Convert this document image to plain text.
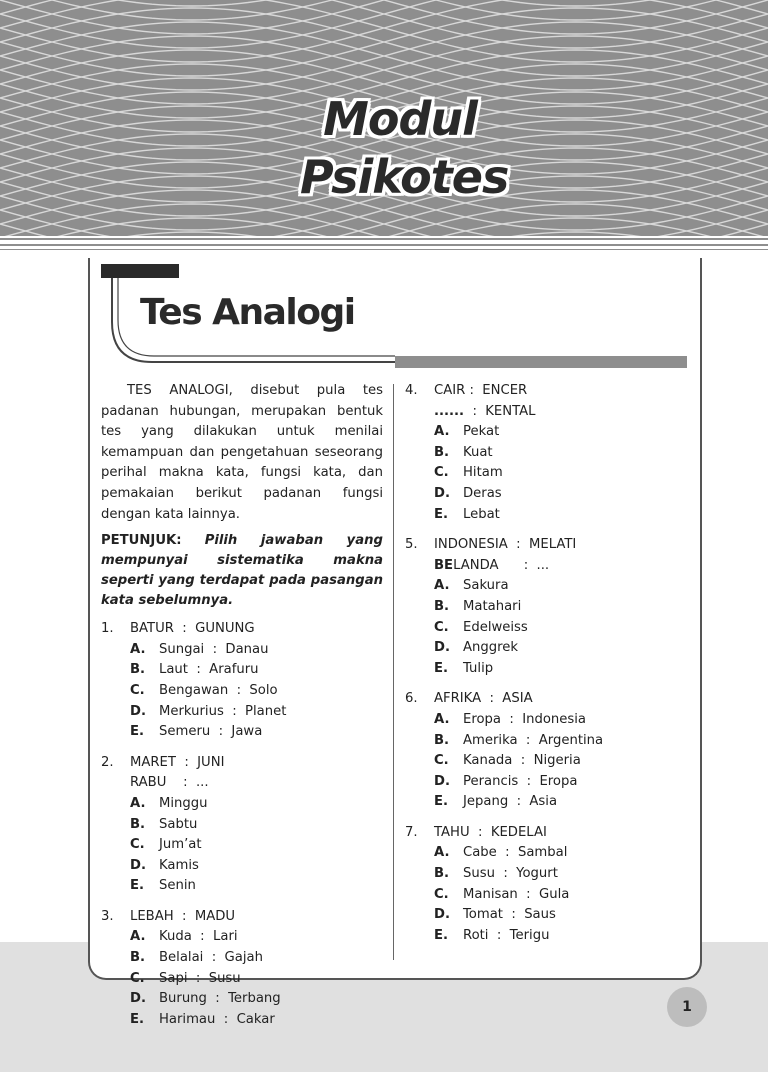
Modul
Psikotes
Tes Analogi

TES ANALOGI, disebut pula tes padanan hubungan, merupakan bentuk tes yang dilakukan untuk menilai kemampuan dan pengetahuan seseorang perihal makna kata, fungsi kata, dan pemakaian berikut padanan fungsi dengan kata lainnya.

PETUNJUK: Pilih jawaban yang mempunyai sistematika makna seperti yang terdapat pada pasangan kata sebelumnya.

1.	BATUR  :  GUNUNG
A.	Sungai  :  Danau
B.	Laut  :  Arafuru
C.	Bengawan  :  Solo
D. Merkurius  :  Planet
E.	Semeru  :  Jawa
2.	MARET  :  JUNI
RABU    :  ...
A.	Minggu
B.	Sabtu
C.	Jum’at
D. Kamis
E.	Senin
3.	LEBAH  :  MADU
A.	Kuda  :  Lari
B.	Belalai  :  Gajah
C.	Sapi  :  Susu
D. Burung  :  Terbang
E.	Harimau  :  Cakar
4.	CAIR :  ENCER
......  :  KENTAL
A.	Pekat
B.	Kuat
C.	Hitam
D. Deras
E.	Lebat
5.	INDONESIA  :  MELATI
BELANDA      :  ...
A.	Sakura
B.	Matahari
C.	Edelweiss
D. Anggrek
E.	Tulip
6.	AFRIKA  :  ASIA
A.	Eropa  :  Indonesia
B.	Amerika  :  Argentina
C.	Kanada  :  Nigeria
D. Perancis  :  Eropa
E.	Jepang  :  Asia
7.	TAHU  :  KEDELAI
A.	Cabe  :  Sambal
B.	Susu  :  Yogurt
C.	Manisan  :  Gula
D. Tomat  :  Saus
E.	Roti  :  Terigu
1
